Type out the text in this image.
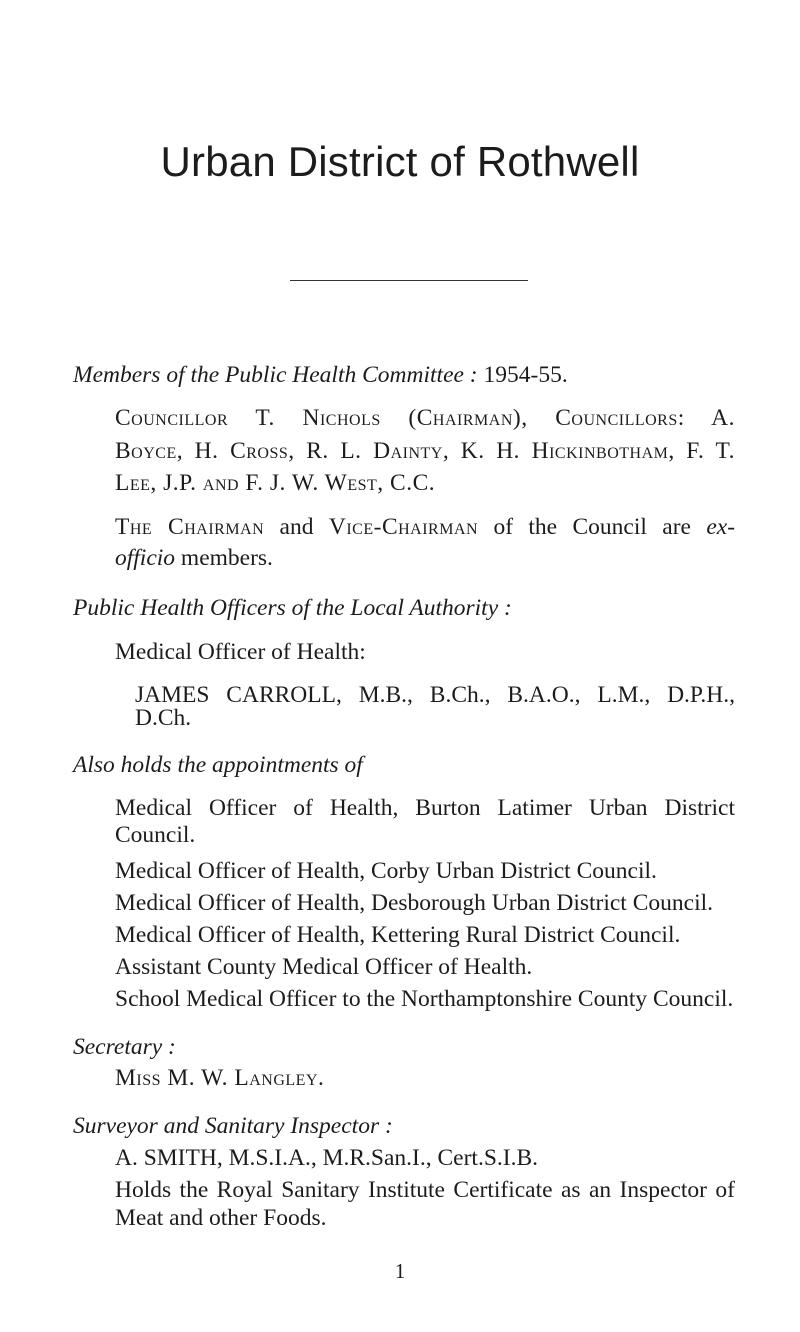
Urban District of Rothwell

Members of the Public Health Committee : 1954-55.

Councillor T. Nichols (Chairman), Councillors: A.

Boyce, H. Cross, R. L. Dainty, K. H. Hickinbotham, F. T.

Lee, J.P. and F. J. W. West, C.C.

The Chairman and Vice-Chairman of the Council are ex-

officio members.

Public Health Officers of the Local Authority :

Medical Officer of Health:

JAMES CARROLL, M.B., B.Ch., B.A.O., L.M., D.P.H.,

D.Ch.

Also holds the appointments of

Medical Officer of Health, Burton Latimer Urban District

Council.

Medical Officer of Health, Corby Urban District Council.

Medical Officer of Health, Desborough Urban District Council.

Medical Officer of Health, Kettering Rural District Council.

Assistant County Medical Officer of Health.

School Medical Officer to the Northamptonshire County Council.

Secretary :

Miss M. W. Langley.

Surveyor and Sanitary Inspector :

A. SMITH, M.S.I.A., M.R.San.I., Cert.S.I.B.

Holds the Royal Sanitary Institute Certificate as an Inspector of

Meat and other Foods.

1
